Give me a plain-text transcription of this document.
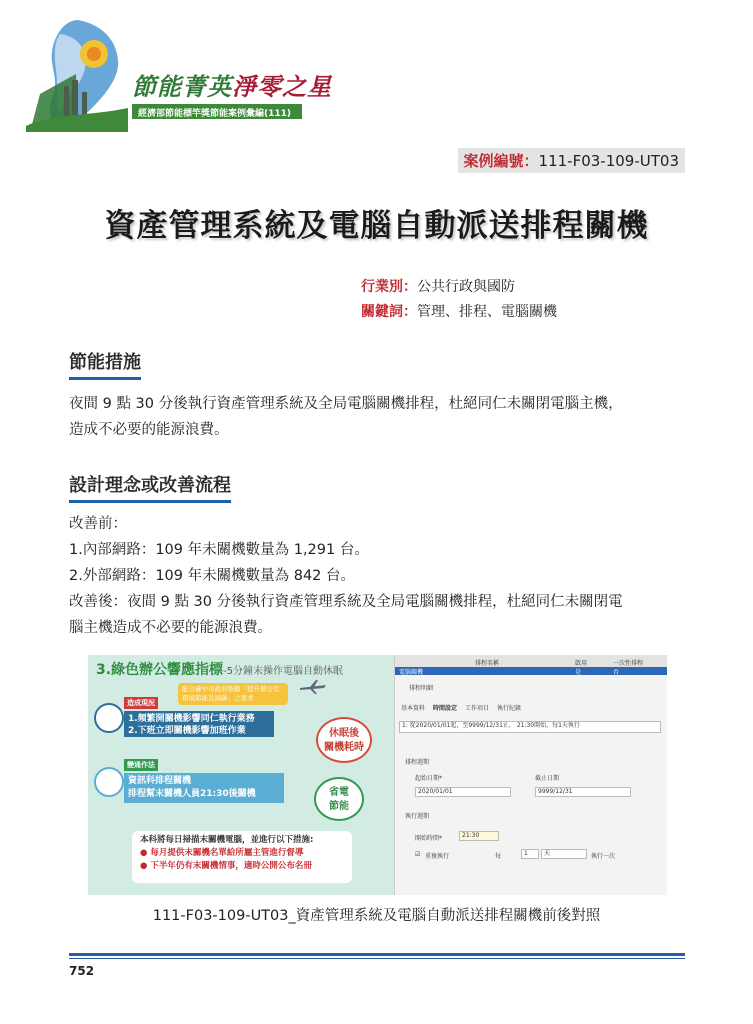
節能菁英淨零之星
經濟部節能標竿獎節能案例彙編(111)
案例編號：111-F03-109-UT03
資產管理系統及電腦自動派送排程關機
行業別：公共行政與國防
關鍵詞：管理、排程、電腦關機
節能措施
夜間 9 點 30 分後執行資產管理系統及全局電腦關機排程，杜絕同仁未關閉電腦主機，
造成不必要的能源浪費。
設計理念或改善流程
改善前：
1.內部網路：109 年未關機數量為 1,291 台。
2.外部網路：109 年未關機數量為 842 台。
改善後：夜間 9 點 30 分後執行資產管理系統及全局電腦關機排程，杜絕同仁未關閉電
腦主機造成不必要的能源浪費。
3.綠色辦公響應指標-5分鐘末操作電腦自動休眠
配合臺中市政府推動「提升辦公室環境節能及減碳」之要求
造成現況
1.頻繁開關機影響同仁執行業務
2.下班立即關機影響加班作業	休眠後
關機耗時
變通作法
資訊科排程關機
排程幫末關機人員21:30後關機	省電
節能
本科將每日掃描末關機電腦，並進行以下措施:
● 每月提供末關機名單給所屬主管進行督導
● 下半年仍有末關機情事，適時公開公布名冊
排程名稱	啟用	一次性排程
電腦關機	是	否
排程明細
基本資料 時間設定 工作項目 執行紀錄
1: 從2020/01/01起，至9999/12/31止， 21:30開始，每1天執行
排程週期
起始日期*	截止日期
2020/01/01	9999/12/31
執行週期
開始時間*	21:30
☑ 重複執行	每	1	天	執行一次
111-F03-109-UT03_資產管理系統及電腦自動派送排程關機前後對照
752
